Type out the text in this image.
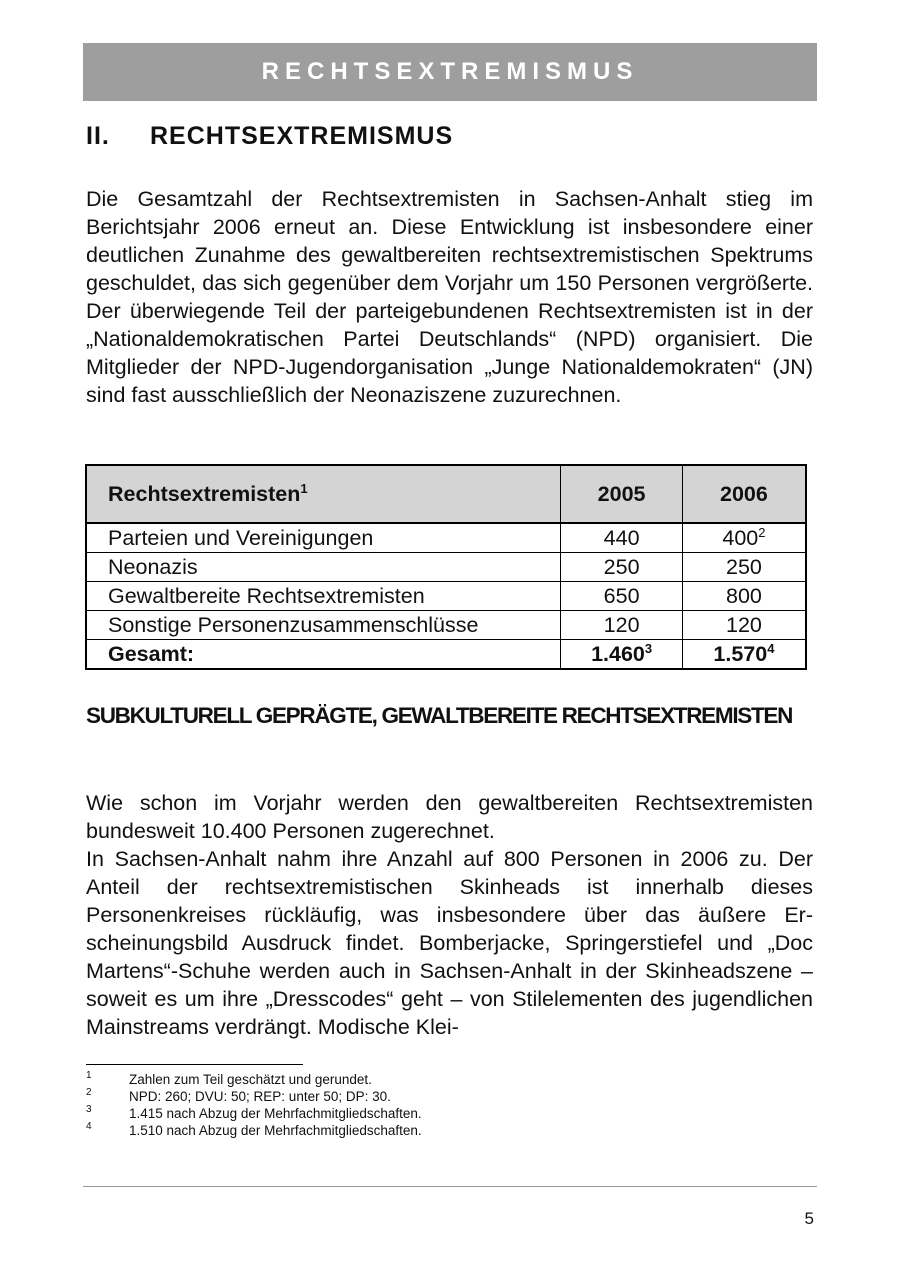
RECHTSEXTREMISMUS
II. RECHTSEXTREMISMUS

Die Gesamtzahl der Rechtsextremisten in Sachsen-Anhalt stieg im Berichtsjahr 2006 erneut an. Diese Entwicklung ist insbesondere einer deutlichen Zunahme des gewaltbereiten rechtsextremistischen Spektrums geschuldet, das sich gegenüber dem Vorjahr um 150 Personen vergrößerte. Der überwiegende Teil der parteigebundenen Rechtsextremisten ist in der „Nationaldemokratischen Partei Deutschlands“ (NPD) organisiert. Die Mitglieder der NPD-Jugendorganisation „Junge Nationaldemokraten“ (JN) sind fast ausschließlich der Neonaziszene zuzurechnen.

Rechtsextremisten$^1$	2005	2006
Parteien und Vereinigungen	440	$400^2$
Neonazis	250	250
Gewaltbereite Rechtsextremisten	650	800
Sonstige Personenzusammenschlüsse	120	120
Gesamt:	1.460$^3$	1.570$^4$
SUBKULTURELL GEPRÄGTE, GEWALTBEREITE RECHTSEXTREMISTEN

Wie schon im Vorjahr werden den gewaltbereiten Rechtsextremisten bundesweit 10.400 Personen zugerechnet.

In Sachsen-Anhalt nahm ihre Anzahl auf 800 Personen in 2006 zu. Der Anteil der rechtsextremistischen Skinheads ist innerhalb dieses Personenkreises rückläufig, was insbesondere über das äußere Erscheinungsbild Ausdruck findet. Bomberjacke, Springerstiefel und „Doc Martens“-Schuhe werden auch in Sachsen-Anhalt in der Skinheadszene – soweit es um ihre „Dresscodes“ geht – von Stilelementen des jugendlichen Mainstreams verdrängt. Modische Klei-

1	Zahlen zum Teil geschätzt und gerundet.
2	NPD: 260; DVU: 50; REP: unter 50; DP: 30.
3	1.415 nach Abzug der Mehrfachmitgliedschaften.
4	1.510 nach Abzug der Mehrfachmitgliedschaften.
5
